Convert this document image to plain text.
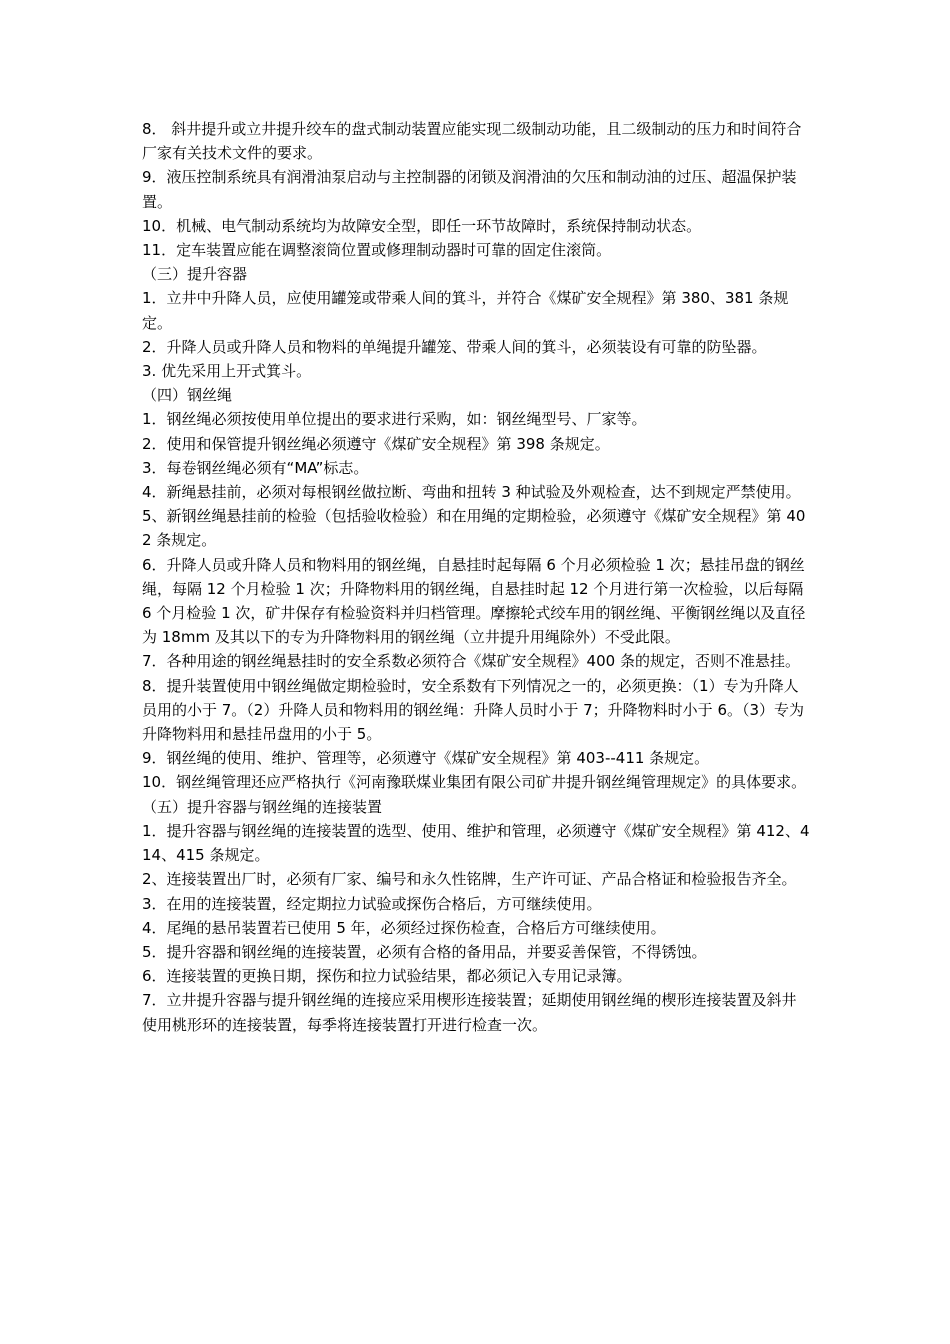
8． 斜井提升或立井提升绞车的盘式制动装置应能实现二级制动功能，且二级制动的压力和时间符合厂家有关技术文件的要求。

9．液压控制系统具有润滑油泵启动与主控制器的闭锁及润滑油的欠压和制动油的过压、超温保护装置。

10．机械、电气制动系统均为故障安全型，即任一环节故障时，系统保持制动状态。

11．定车装置应能在调整滚筒位置或修理制动器时可靠的固定住滚筒。

（三）提升容器

1．立井中升降人员，应使用罐笼或带乘人间的箕斗，并符合《煤矿安全规程》第 380、381 条规定。

2．升降人员或升降人员和物料的单绳提升罐笼、带乘人间的箕斗，必须装设有可靠的防坠器。

3. 优先采用上开式箕斗。

（四）钢丝绳

1．钢丝绳必须按使用单位提出的要求进行采购，如：钢丝绳型号、厂家等。

2．使用和保管提升钢丝绳必须遵守《煤矿安全规程》第 398 条规定。

3．每卷钢丝绳必须有“MA”标志。

4．新绳悬挂前，必须对每根钢丝做拉断、弯曲和扭转 3 种试验及外观检查，达不到规定严禁使用。

5、新钢丝绳悬挂前的检验（包括验收检验）和在用绳的定期检验，必须遵守《煤矿安全规程》第 402 条规定。

6．升降人员或升降人员和物料用的钢丝绳，自悬挂时起每隔 6 个月必须检验 1 次；悬挂吊盘的钢丝绳，每隔 12 个月检验 1 次；升降物料用的钢丝绳，自悬挂时起 12 个月进行第一次检验，以后每隔 6 个月检验 1 次，矿井保存有检验资料并归档管理。摩擦轮式绞车用的钢丝绳、平衡钢丝绳以及直径为 18mm 及其以下的专为升降物料用的钢丝绳（立井提升用绳除外）不受此限。

7．各种用途的钢丝绳悬挂时的安全系数必须符合《煤矿安全规程》400 条的规定，否则不准悬挂。

8．提升装置使用中钢丝绳做定期检验时，安全系数有下列情况之一的，必须更换：（1）专为升降人员用的小于 7。（2）升降人员和物料用的钢丝绳：升降人员时小于 7；升降物料时小于 6。（3）专为升降物料用和悬挂吊盘用的小于 5。

9．钢丝绳的使用、维护、管理等，必须遵守《煤矿安全规程》第 403--411 条规定。

10．钢丝绳管理还应严格执行《河南豫联煤业集团有限公司矿井提升钢丝绳管理规定》的具体要求。

（五）提升容器与钢丝绳的连接装置

1．提升容器与钢丝绳的连接装置的选型、使用、维护和管理，必须遵守《煤矿安全规程》第 412、414、415 条规定。

2、连接装置出厂时，必须有厂家、编号和永久性铭牌，生产许可证、产品合格证和检验报告齐全。

3．在用的连接装置，经定期拉力试验或探伤合格后，方可继续使用。

4．尾绳的悬吊装置若已使用 5 年，必须经过探伤检查，合格后方可继续使用。

5．提升容器和钢丝绳的连接装置，必须有合格的备用品，并要妥善保管，不得锈蚀。

6．连接装置的更换日期，探伤和拉力试验结果，都必须记入专用记录簿。

7．立井提升容器与提升钢丝绳的连接应采用楔形连接装置；延期使用钢丝绳的楔形连接装置及斜井使用桃形环的连接装置，每季将连接装置打开进行检查一次。
